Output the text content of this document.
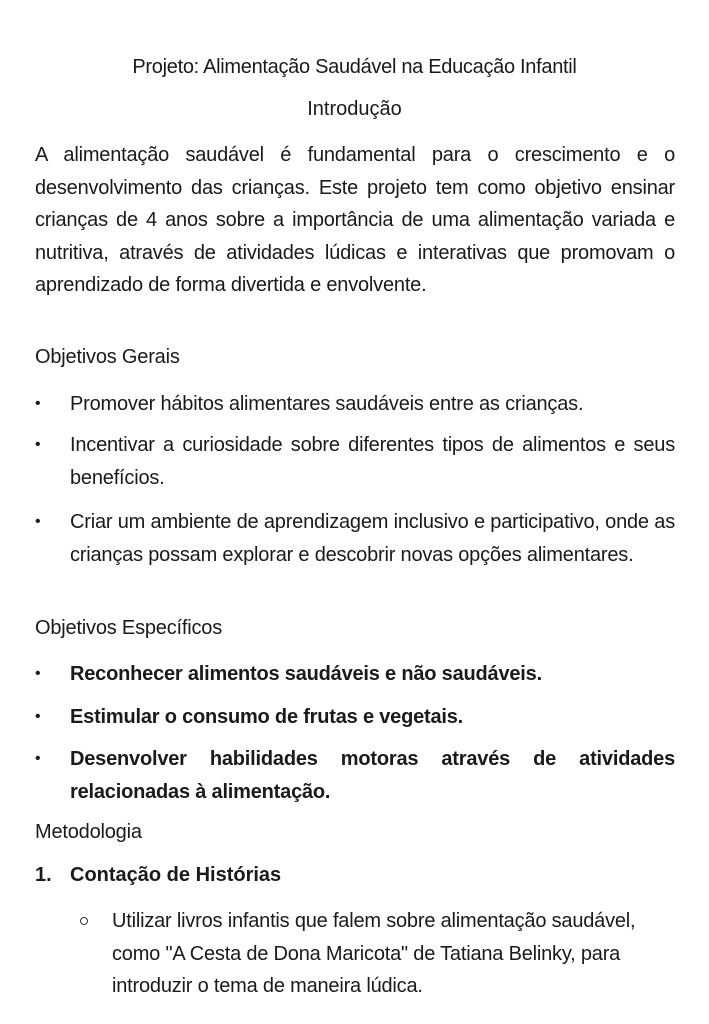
Projeto: Alimentação Saudável na Educação Infantil
Introdução
A alimentação saudável é fundamental para o crescimento e o desenvolvimento das crianças. Este projeto tem como objetivo ensinar crianças de 4 anos sobre a importância de uma alimentação variada e nutritiva, através de atividades lúdicas e interativas que promovam o aprendizado de forma divertida e envolvente.
Objetivos Gerais
• Promover hábitos alimentares saudáveis entre as crianças.
• Incentivar a curiosidade sobre diferentes tipos de alimentos e seus benefícios.
• Criar um ambiente de aprendizagem inclusivo e participativo, onde as crianças possam explorar e descobrir novas opções alimentares.
Objetivos Específicos
• Reconhecer alimentos saudáveis e não saudáveis.
• Estimular o consumo de frutas e vegetais.
• Desenvolver habilidades motoras através de atividades relacionadas à alimentação.
Metodologia
1. Contação de Histórias
Utilizar livros infantis que falem sobre alimentação saudável, como "A Cesta de Dona Maricota" de Tatiana Belinky, para introduzir o tema de maneira lúdica.
